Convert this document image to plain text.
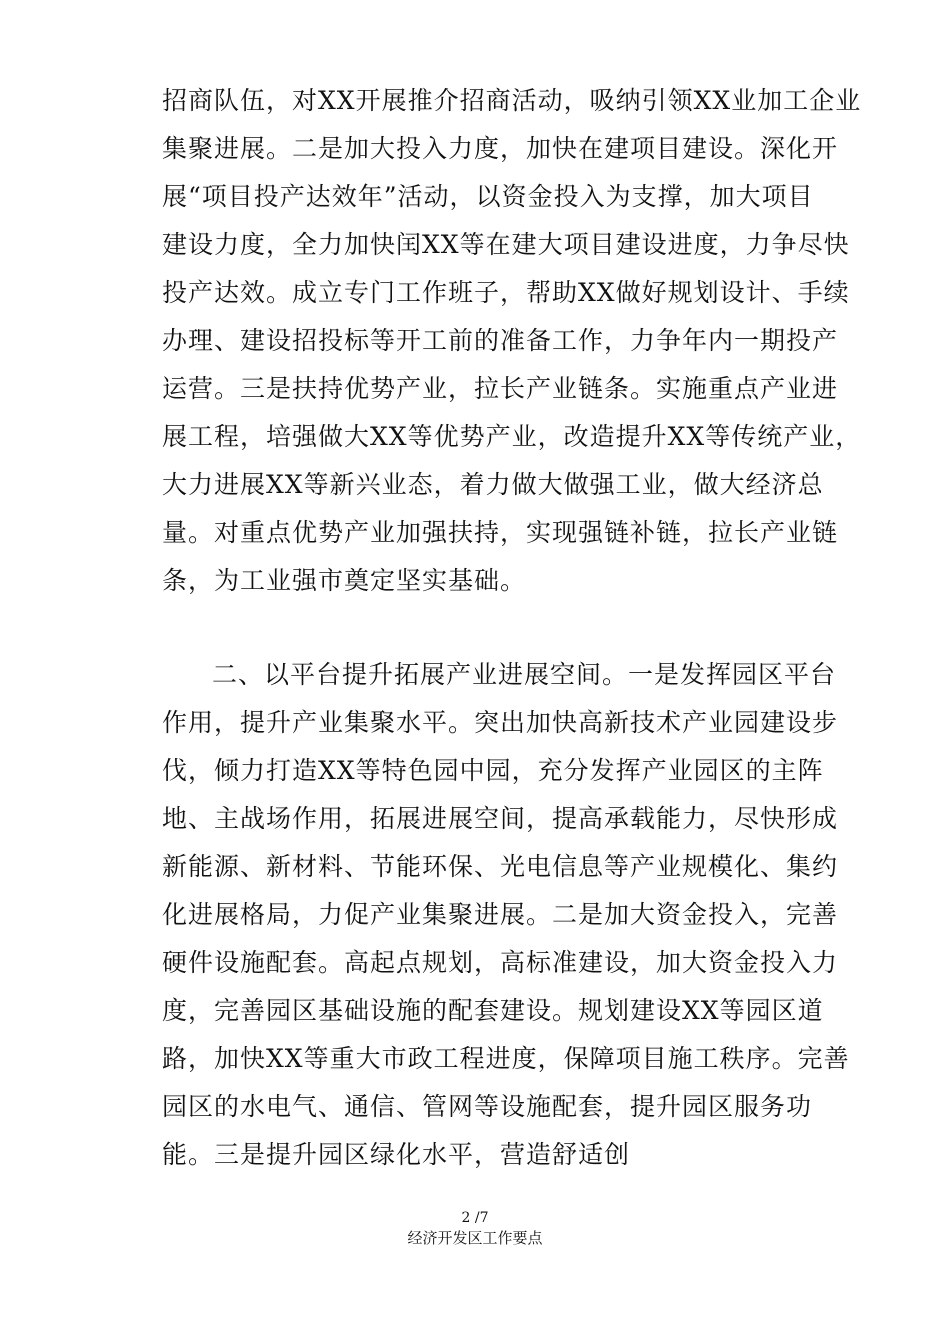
招商队伍，对XX开展推介招商活动，吸纳引领XX业加工企业
集聚进展。二是加大投入力度，加快在建项目建设。深化开
展“项目投产达效年”活动，以资金投入为支撑，加大项目
建设力度，全力加快闰XX等在建大项目建设进度，力争尽快
投产达效。成立专门工作班子，帮助XX做好规划设计、手续
办理、建设招投标等开工前的准备工作，力争年内一期投产
运营。三是扶持优势产业，拉长产业链条。实施重点产业进
展工程，培强做大XX等优势产业，改造提升XX等传统产业，
大力进展XX等新兴业态，着力做大做强工业，做大经济总
量。对重点优势产业加强扶持，实现强链补链，拉长产业链
条，为工业强市奠定坚实基础。
二、以平台提升拓展产业进展空间。一是发挥园区平台
作用，提升产业集聚水平。突出加快高新技术产业园建设步
伐，倾力打造XX等特色园中园，充分发挥产业园区的主阵
地、主战场作用，拓展进展空间，提高承载能力，尽快形成
新能源、新材料、节能环保、光电信息等产业规模化、集约
化进展格局，力促产业集聚进展。二是加大资金投入，完善
硬件设施配套。高起点规划，高标准建设，加大资金投入力
度，完善园区基础设施的配套建设。规划建设XX等园区道
路，加快XX等重大市政工程进度，保障项目施工秩序。完善
园区的水电气、通信、管网等设施配套，提升园区服务功
能。三是提升园区绿化水平，营造舒适创
2 /7
经济开发区工作要点
